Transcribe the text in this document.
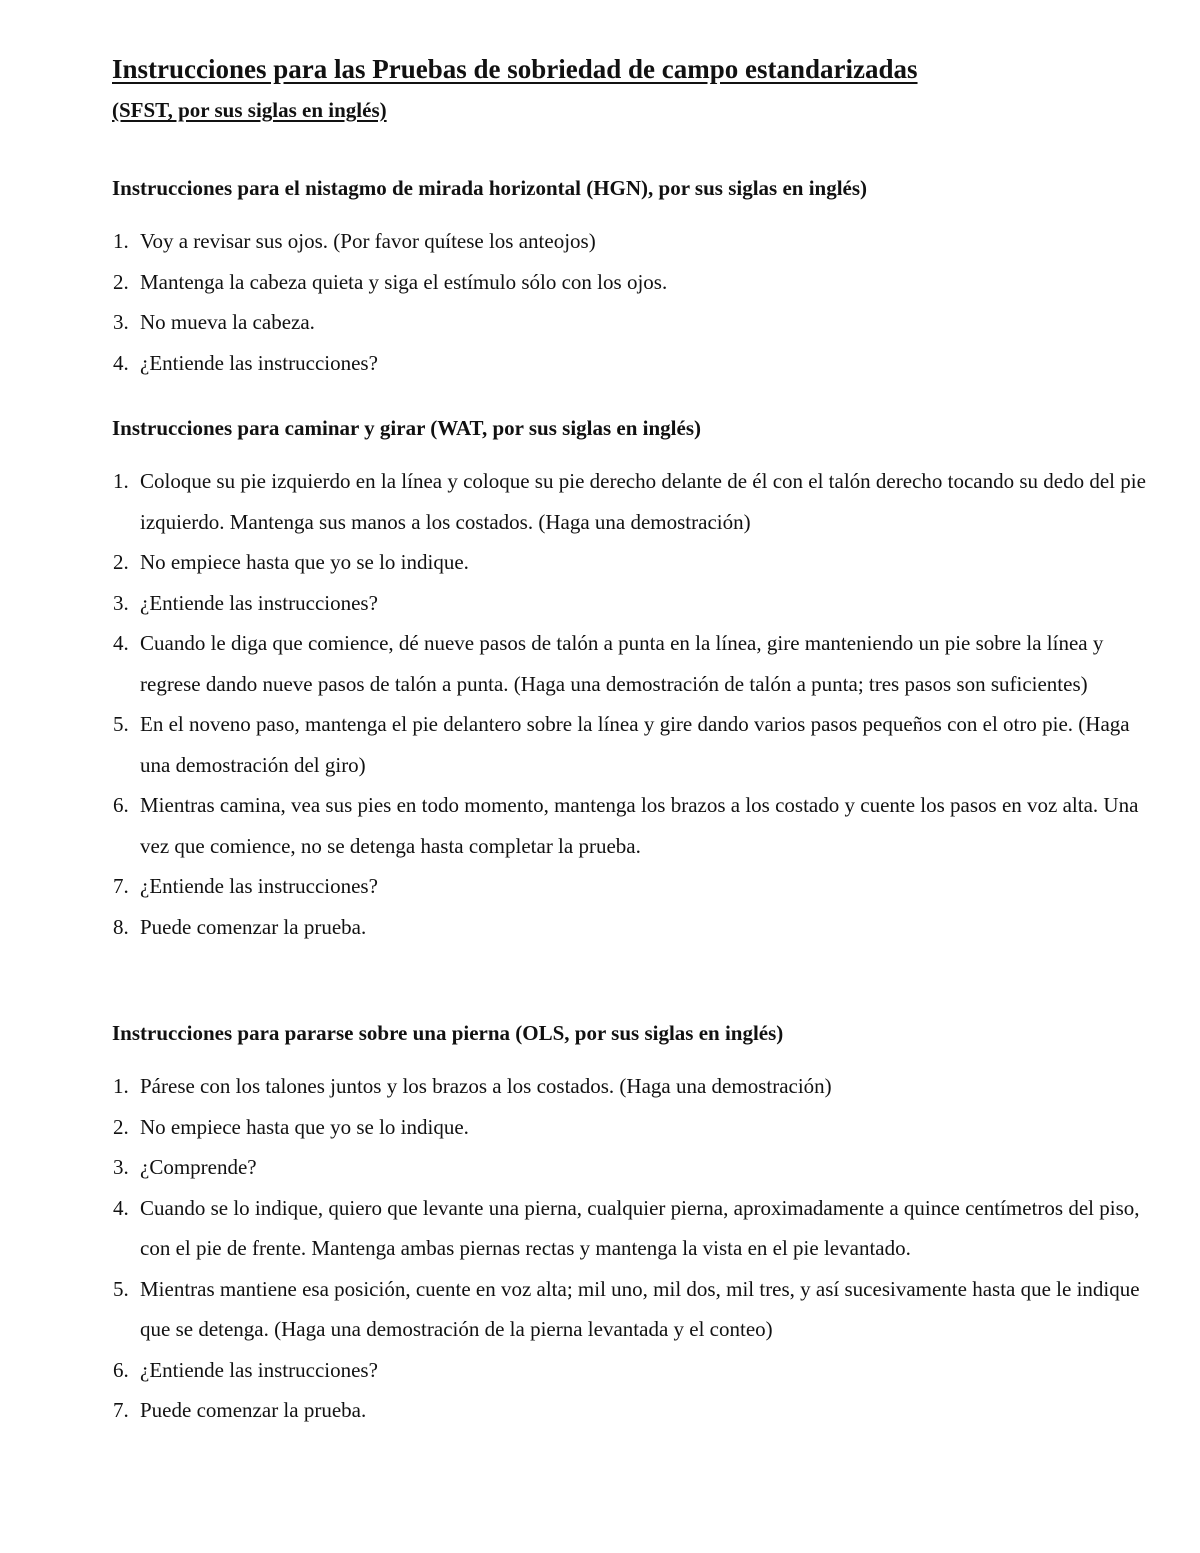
Instrucciones para las Pruebas de sobriedad de campo estandarizadas
(SFST, por sus siglas en inglés)
Instrucciones para el nistagmo de mirada horizontal (HGN), por sus siglas en inglés)
1. Voy a revisar sus ojos. (Por favor quítese los anteojos)
2. Mantenga la cabeza quieta y siga el estímulo sólo con los ojos.
3. No mueva la cabeza.
4. ¿Entiende las instrucciones?
Instrucciones para caminar y girar (WAT, por sus siglas en inglés)
1. Coloque su pie izquierdo en la línea y coloque su pie derecho delante de él con el talón derecho tocando su dedo del pie izquierdo. Mantenga sus manos a los costados. (Haga una demostración)
2. No empiece hasta que yo se lo indique.
3. ¿Entiende las instrucciones?
4. Cuando le diga que comience, dé nueve pasos de talón a punta en la línea, gire manteniendo un pie sobre la línea y regrese dando nueve pasos de talón a punta. (Haga una demostración de talón a punta; tres pasos son suficientes)
5. En el noveno paso, mantenga el pie delantero sobre la línea y gire dando varios pasos pequeños con el otro pie. (Haga una demostración del giro)
6. Mientras camina, vea sus pies en todo momento, mantenga los brazos a los costado y cuente los pasos en voz alta. Una vez que comience, no se detenga hasta completar la prueba.
7. ¿Entiende las instrucciones?
8. Puede comenzar la prueba.
Instrucciones para pararse sobre una pierna (OLS, por sus siglas en inglés)
1. Párese con los talones juntos y los brazos a los costados. (Haga una demostración)
2. No empiece hasta que yo se lo indique.
3. ¿Comprende?
4. Cuando se lo indique, quiero que levante una pierna, cualquier pierna, aproximadamente a quince centímetros del piso, con el pie de frente. Mantenga ambas piernas rectas y mantenga la vista en el pie levantado.
5. Mientras mantiene esa posición, cuente en voz alta; mil uno, mil dos, mil tres, y así sucesivamente hasta que le indique que se detenga. (Haga una demostración de la pierna levantada y el conteo)
6. ¿Entiende las instrucciones?
7. Puede comenzar la prueba.
